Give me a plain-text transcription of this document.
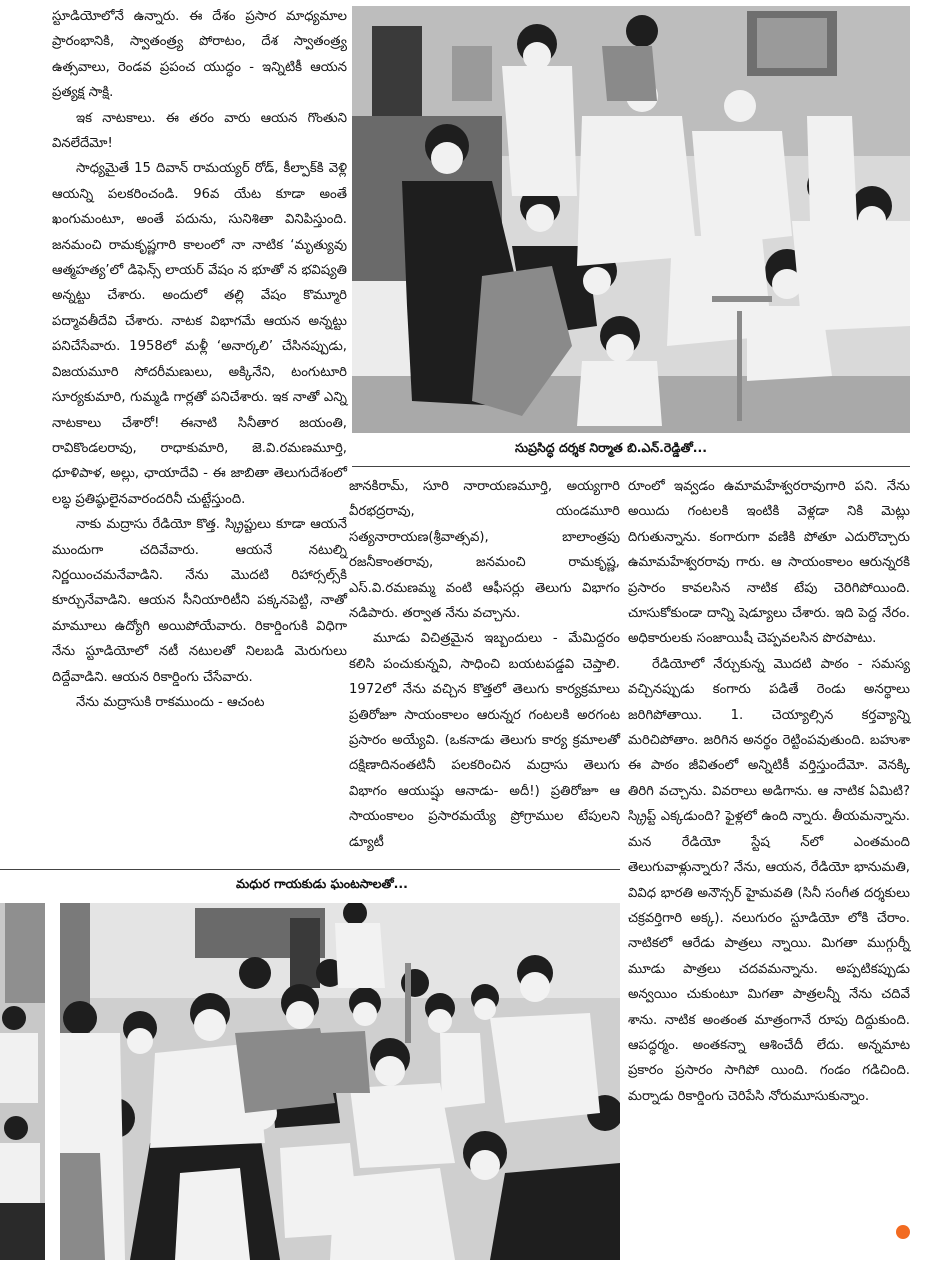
స్టూడియోలోనే ఉన్నారు. ఈ దేశం ప్రసార మాధ్యమాల ప్రారంభానికి, స్వాతంత్ర్య పోరాటం, దేశ స్వాతంత్ర్య ఉత్సవాలు, రెండవ ప్రపంచ యుద్ధం - ఇన్నిటికీ ఆయన ప్రత్యక్ష సాక్షి.

ఇక నాటకాలు. ఈ తరం వారు ఆయన గొంతుని వినలేదేమో!

సాధ్యమైతే 15 దివాన్ రామయ్యర్ రోడ్, కీల్పాక్‌కి వెళ్లి ఆయన్ని పలకరించండి. 96వ యేట కూడా అంతే ఖంగుమంటూ, అంతే పదును, సునిశితా వినిపిస్తుంది. జనమంచి రామకృష్ణగారి కాలంలో నా నాటిక ‘మృత్యువు ఆత్మహత్య’లో డిఫెన్స్ లాయర్ వేషం న భూతో న భవిష్యతి అన్నట్టు చేశారు. అందులో తల్లి వేషం కొమ్మూరి పద్మావతీదేవి చేశారు. నాటక విభాగమే ఆయన అన్నట్టు పనిచేసేవారు. 1958లో మళ్లీ ‘అనార్కలి’ చేసినప్పుడు, విజయమూరి సోదరీమణులు, అక్కినేని, టంగుటూరి సూర్యకుమారి, గుమ్మడి గార్లతో పనిచేశారు. ఇక నాతో ఎన్ని నాటకాలు చేశారో! ఈనాటి సినీతార జయంతి, రావికొండలరావు, రాధాకుమారి, జె.వి.రమణమూర్తి, ధూళిపాళ, అల్లు, ఛాయాదేవి - ఈ జాబితా తెలుగుదేశంలో లబ్ధ ప్రతిష్ఠులైనవారందరినీ చుట్టేస్తుంది.

నాకు మద్రాసు రేడియో కొత్త. స్క్రిప్టులు కూడా ఆయనే ముందుగా చదివేవారు. ఆయనే నటుల్ని నిర్ణయించమనేవాడిని. నేను మొదటి రిహార్సల్స్‌కి కూర్చునేవాడిని. ఆయన సీనియారిటీని పక్కనపెట్టి, నాతో మామూలు ఉద్యోగి అయిపోయేవారు. రికార్డింగుకి విధిగా నేను స్టూడియోలో నటీ నటులతో నిలబడి మెరుగులు దిద్దేవాడిని. ఆయన రికార్డింగు చేసేవారు.

నేను మద్రాసుకి రాకముందు - ఆచంట

సుప్రసిద్ధ దర్శక నిర్మాత బి.ఎన్.రెడ్డితో...

జానకిరామ్, సూరి నారాయణమూర్తి, అయ్యగారి వీరభద్రరావు, యండమూరి సత్యనారాయణ(శ్రీవాత్సవ), బాలాంత్రపు రజనీకాంతరావు, జనమంచి రామకృష్ణ, ఎస్.వి.రమణమ్మ వంటి ఆఫీసర్లు తెలుగు విభాగం నడిపారు. తర్వాత నేను వచ్చాను.

మూడు విచిత్రమైన ఇబ్బందులు - మేమిద్దరం కలిసి పంచుకున్నవి, సాధించి బయటపడ్డవి చెప్తాలి. 1972లో నేను వచ్చిన కొత్తలో తెలుగు కార్యక్రమాలు ప్రతిరోజూ సాయంకాలం ఆరున్నర గంటలకి అరగంట ప్రసారం అయ్యేవి. (ఒకనాడు తెలుగు కార్య క్రమాలతో దక్షిణాదినంతటినీ పలకరించిన మద్రాసు తెలుగు విభాగం ఆయుష్షు ఆనాడు- అదీ!) ప్రతిరోజూ ఆ సాయంకాలం ప్రసారమయ్యే ప్రోగ్రాముల టేపులని డ్యూటీ

రూంలో ఇవ్వడం ఉమామహేశ్వరరావుగారి పని. నేను అయిదు గంటలకి ఇంటికి వెళ్లడా నికి మెట్లు దిగుతున్నాను. కంగారుగా వణికి పోతూ ఎదురొచ్చారు ఉమామహేశ్వరరావు గారు. ఆ సాయంకాలం ఆరున్నరకి ప్రసారం కావలసిన నాటిక టేపు చెరిగిపోయింది. చూసుకోకుండా దాన్ని షెడ్యూలు చేశారు. ఇది పెద్ద నేరం. అధికారులకు సంజాయిషీ చెప్పవలసిన పొరపాటు.

రేడియోలో నేర్చుకున్న మొదటి పాఠం - సమస్య వచ్చినప్పుడు కంగారు పడితే రెండు అనర్థాలు జరిగిపోతాయి. 1. చెయ్యాల్సిన కర్తవ్యాన్ని మరిచిపోతాం. జరిగిన అనర్థం రెట్టింపవుతుంది. బహుశా ఈ పాఠం జీవితంలో అన్నిటికీ వర్తిస్తుందేమో. వెనక్కి తిరిగి వచ్చాను. వివరాలు అడిగాను. ఆ నాటిక ఏమిటి? స్క్రిప్ట్ ఎక్కడుంది? ఫైళ్లలో ఉంది న్నారు. తీయమన్నాను. మన రేడియో స్టేష న్‌లో ఎంతమంది తెలుగువాళ్లున్నారు? నేను, ఆయన, రేడియో భానుమతి, వివిధ భారతి అనౌన్సర్ హైమవతి (సినీ సంగీత దర్శకులు చక్రవర్తిగారి అక్క). నలుగురం స్టూడియో లోకి చేరాం. నాటికలో ఆరేడు పాత్రలు న్నాయి. మిగతా ముగ్గుర్నీ మూడు పాత్రలు చదవమన్నాను. అప్పటికప్పుడు అన్వయిం చుకుంటూ మిగతా పాత్రలన్నీ నేను చదివే శాను. నాటిక అంతంత మాత్రంగానే రూపు దిద్దుకుంది. ఆపద్ధర్మం. అంతకన్నా ఆశించేదీ లేదు. అన్నమాట ప్రకారం ప్రసారం సాగిపో యింది. గండం గడిచింది. మర్నాడు రికార్డింగు చెరిపేసి నోరుమూసుకున్నాం.

మధుర గాయకుడు ఘంటసాలతో...
